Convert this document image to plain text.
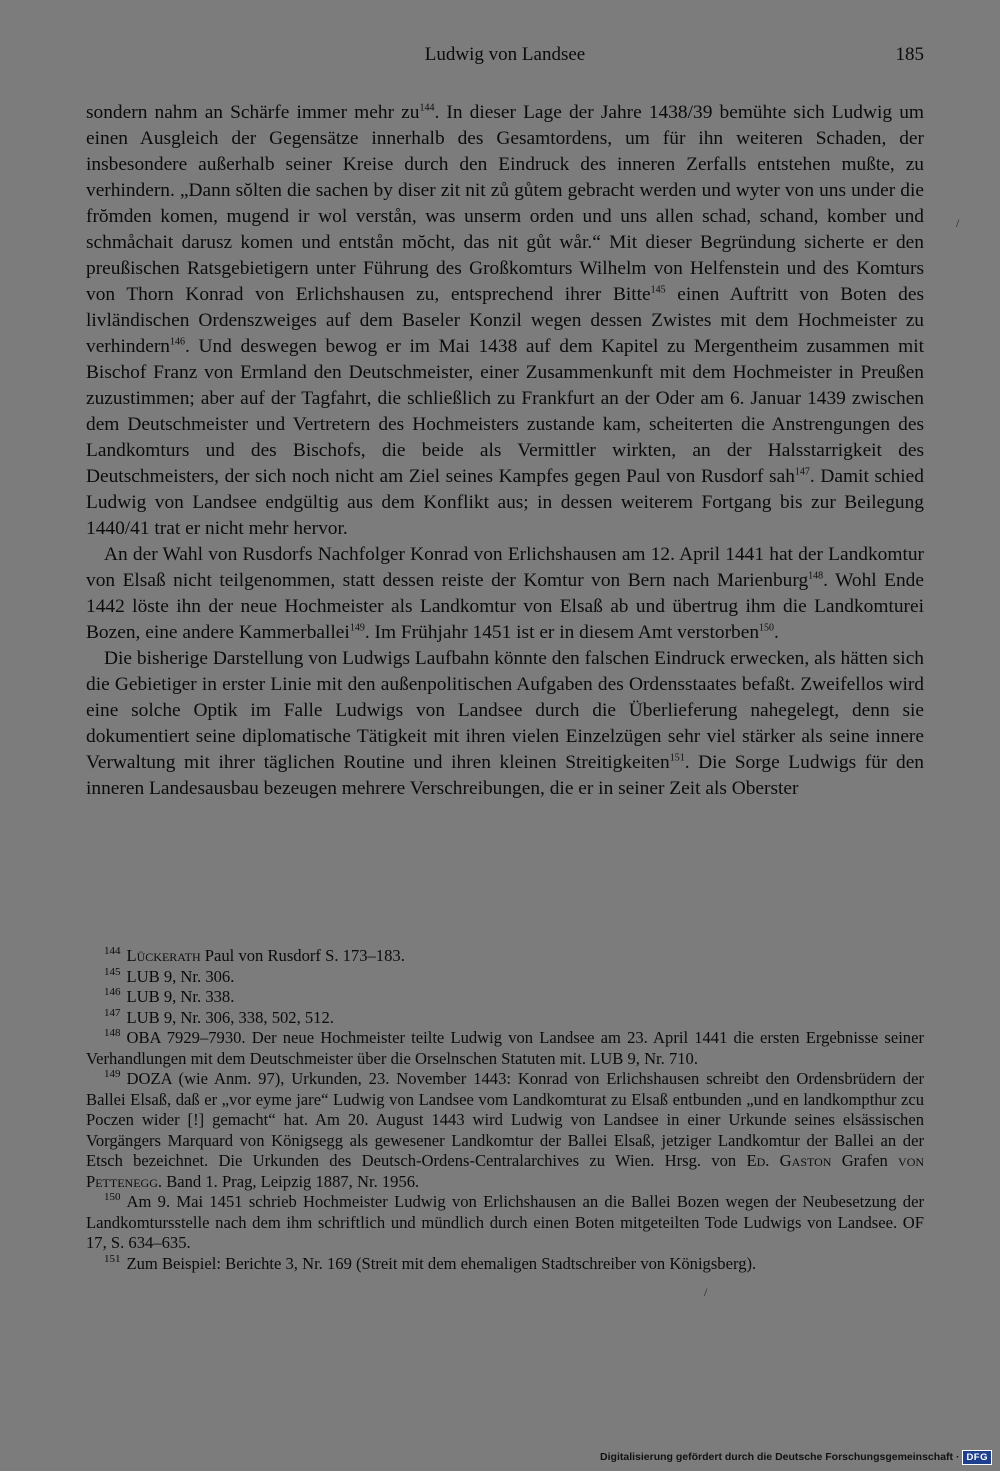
Ludwig von Landsee	185

sondern nahm an Schärfe immer mehr $zu^{144}$. In dieser Lage der Jahre 1438/39 bemühte sich Ludwig um einen Ausgleich der Gegensätze innerhalb des Gesamtordens, um für ihn weiteren Schaden, der insbesondere außerhalb seiner Kreise durch den Eindruck des inneren Zerfalls entstehen mußte, zu verhindern. „Dann sŏlten die sachen by diser zit nit zů gůtem gebracht werden und wyter von uns under die frŏmden komen, mugend ir wol verstån, was unserm orden und uns allen schad, schand, komber und schmåchait darusz komen und entstån mŏcht, das nit gůt wår.“ Mit dieser Begründung sicherte er den preußischen Ratsgebietigern unter Führung des Großkomturs Wilhelm von Helfenstein und des Komturs von Thorn Konrad von Erlichshausen zu, entsprechend ihrer Bitte$^{145}$ einen Auftritt von Boten des livländischen Ordenszweiges auf dem Baseler Konzil wegen dessen Zwistes mit dem Hochmeister zu verhindern$^{146}$. Und deswegen bewog er im Mai 1438 auf dem Kapitel zu Mergentheim zusammen mit Bischof Franz von Ermland den Deutschmeister, einer Zusammenkunft mit dem Hochmeister in Preußen zuzustimmen; aber auf der Tagfahrt, die schließlich zu Frankfurt an der Oder am 6. Januar 1439 zwischen dem Deutschmeister und Vertretern des Hochmeisters zustande kam, scheiterten die Anstrengungen des Landkomturs und des Bischofs, die beide als Vermittler wirkten, an der Halsstarrigkeit des Deutschmeisters, der sich noch nicht am Ziel seines Kampfes gegen Paul von Rusdorf sah$^{147}$. Damit schied Ludwig von Landsee endgültig aus dem Konflikt aus; in dessen weiterem Fortgang bis zur Beilegung 1440/41 trat er nicht mehr hervor.

An der Wahl von Rusdorfs Nachfolger Konrad von Erlichshausen am 12. April 1441 hat der Landkomtur von Elsaß nicht teilgenommen, statt dessen reiste der Komtur von Bern nach Marienburg$^{148}$. Wohl Ende 1442 löste ihn der neue Hochmeister als Landkomtur von Elsaß ab und übertrug ihm die Landkomturei Bozen, eine andere Kammerballei$^{149}$. Im Frühjahr 1451 ist er in diesem Amt verstorben$^{150}$.

Die bisherige Darstellung von Ludwigs Laufbahn könnte den falschen Eindruck erwecken, als hätten sich die Gebietiger in erster Linie mit den außenpolitischen Aufgaben des Ordensstaates befaßt. Zweifellos wird eine solche Optik im Falle Ludwigs von Landsee durch die Überlieferung nahegelegt, denn sie dokumentiert seine diplomatische Tätigkeit mit ihren vielen Einzelzügen sehr viel stärker als seine innere Verwaltung mit ihrer täglichen Routine und ihren kleinen Streitigkeiten$^{151}$. Die Sorge Ludwigs für den inneren Landesausbau bezeugen mehrere Verschreibungen, die er in seiner Zeit als Oberster

$^{144}$ Lückerath Paul von Rusdorf S. 173–183.

$^{145}$ LUB 9, Nr. 306.

$^{146}$ LUB 9, Nr. 338.

$^{147}$ LUB 9, Nr. 306, 338, 502, 512.

$^{148}$ OBA 7929–7930. Der neue Hochmeister teilte Ludwig von Landsee am 23. April 1441 die ersten Ergebnisse seiner Verhandlungen mit dem Deutschmeister über die Orselnschen Statuten mit. LUB 9, Nr. 710.

$^{149}$ DOZA (wie Anm. 97), Urkunden, 23. November 1443: Konrad von Erlichshausen schreibt den Ordensbrüdern der Ballei Elsaß, daß er „vor eyme jare“ Ludwig von Landsee vom Landkomturat zu Elsaß entbunden „und en landkompthur zcu Poczen wider [!] gemacht“ hat. Am 20. August 1443 wird Ludwig von Landsee in einer Urkunde seines elsässischen Vorgängers Marquard von Königsegg als gewesener Landkomtur der Ballei Elsaß, jetziger Landkomtur der Ballei an der Etsch bezeichnet. Die Urkunden des Deutsch-Ordens-Centralarchives zu Wien. Hrsg. von Ed. Gaston Grafen von Pettenegg. Band 1. Prag, Leipzig 1887, Nr. 1956.

$^{150}$ Am 9. Mai 1451 schrieb Hochmeister Ludwig von Erlichshausen an die Ballei Bozen wegen der Neubesetzung der Landkomtursstelle nach dem ihm schriftlich und mündlich durch einen Boten mitgeteilten Tode Ludwigs von Landsee. OF 17, S. 634–635.

$^{151}$ Zum Beispiel: Berichte 3, Nr. 169 (Streit mit dem ehemaligen Stadtschreiber von Königsberg).

/
/
Digitalisierung gefördert durch die Deutsche Forschungsgemeinschaft · DFG
